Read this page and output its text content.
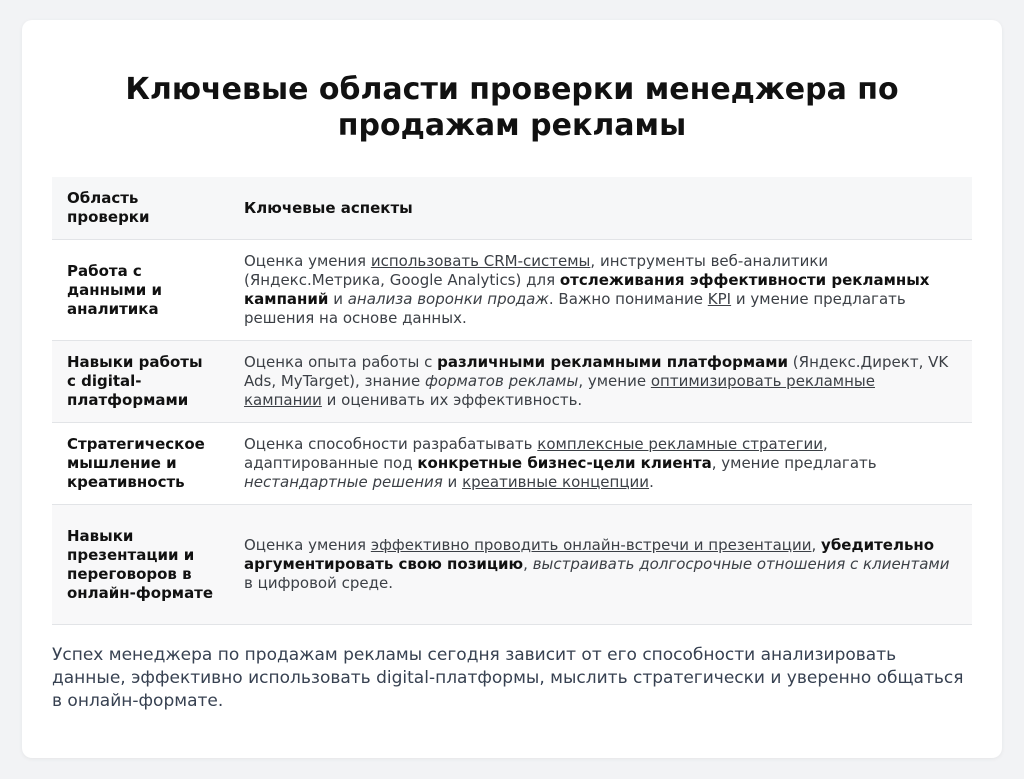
Ключевые области проверки менеджера по продажам рекламы
Область проверки	Ключевые аспекты
Работа с данными и аналитика	Оценка умения использовать CRM-системы, инструменты веб-аналитики (Яндекс.Метрика, Google Analytics) для отслеживания эффективности рекламных кампаний и анализа воронки продаж. Важно понимание KPI и умение предлагать решения на основе данных.
Навыки работы с digital-платформами	Оценка опыта работы с различными рекламными платформами (Яндекс.Директ, VK Ads, MyTarget), знание форматов рекламы, умение оптимизировать рекламные кампании и оценивать их эффективность.
Стратегическое мышление и креативность	Оценка способности разрабатывать комплексные рекламные стратегии, адаптированные под конкретные бизнес-цели клиента, умение предлагать нестандартные решения и креативные концепции.
Навыки презентации и переговоров в онлайн-формате	Оценка умения эффективно проводить онлайн-встречи и презентации, убедительно аргументировать свою позицию, выстраивать долгосрочные отношения с клиентами в цифровой среде.

Успех менеджера по продажам рекламы сегодня зависит от его способности анализировать данные, эффективно использовать digital-платформы, мыслить стратегически и уверенно общаться в онлайн-формате.
